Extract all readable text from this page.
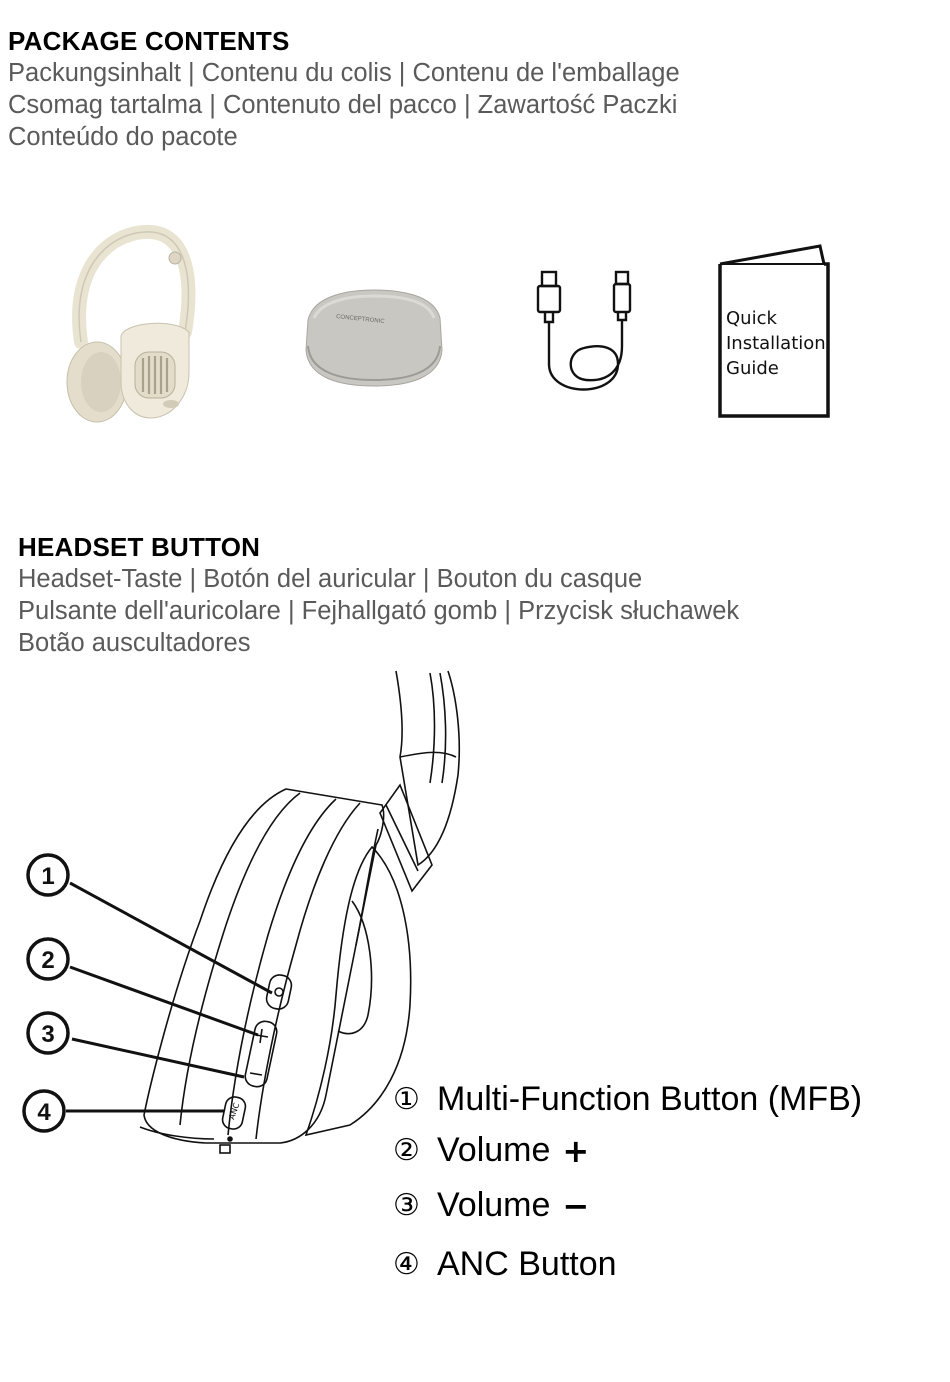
PACKAGE CONTENTS
Packungsinhalt | Contenu du colis | Contenu de l'emballage
Csomag tartalma | Contenuto del pacco | Zawartość Paczki
Conteúdo do pacote
CONCEPTRONIC	Quick
Installation
Guide
HEADSET BUTTON
Headset-Taste | Botón del auricular | Bouton du casque
Pulsante dell'auricolare | Fejhallgató gomb | Przycisk słuchawek
Botão auscultadores
ANC
1
2
3
4	① Multi-Function Button (MFB)
② Volume +
③ Volume −
④ ANC Button
